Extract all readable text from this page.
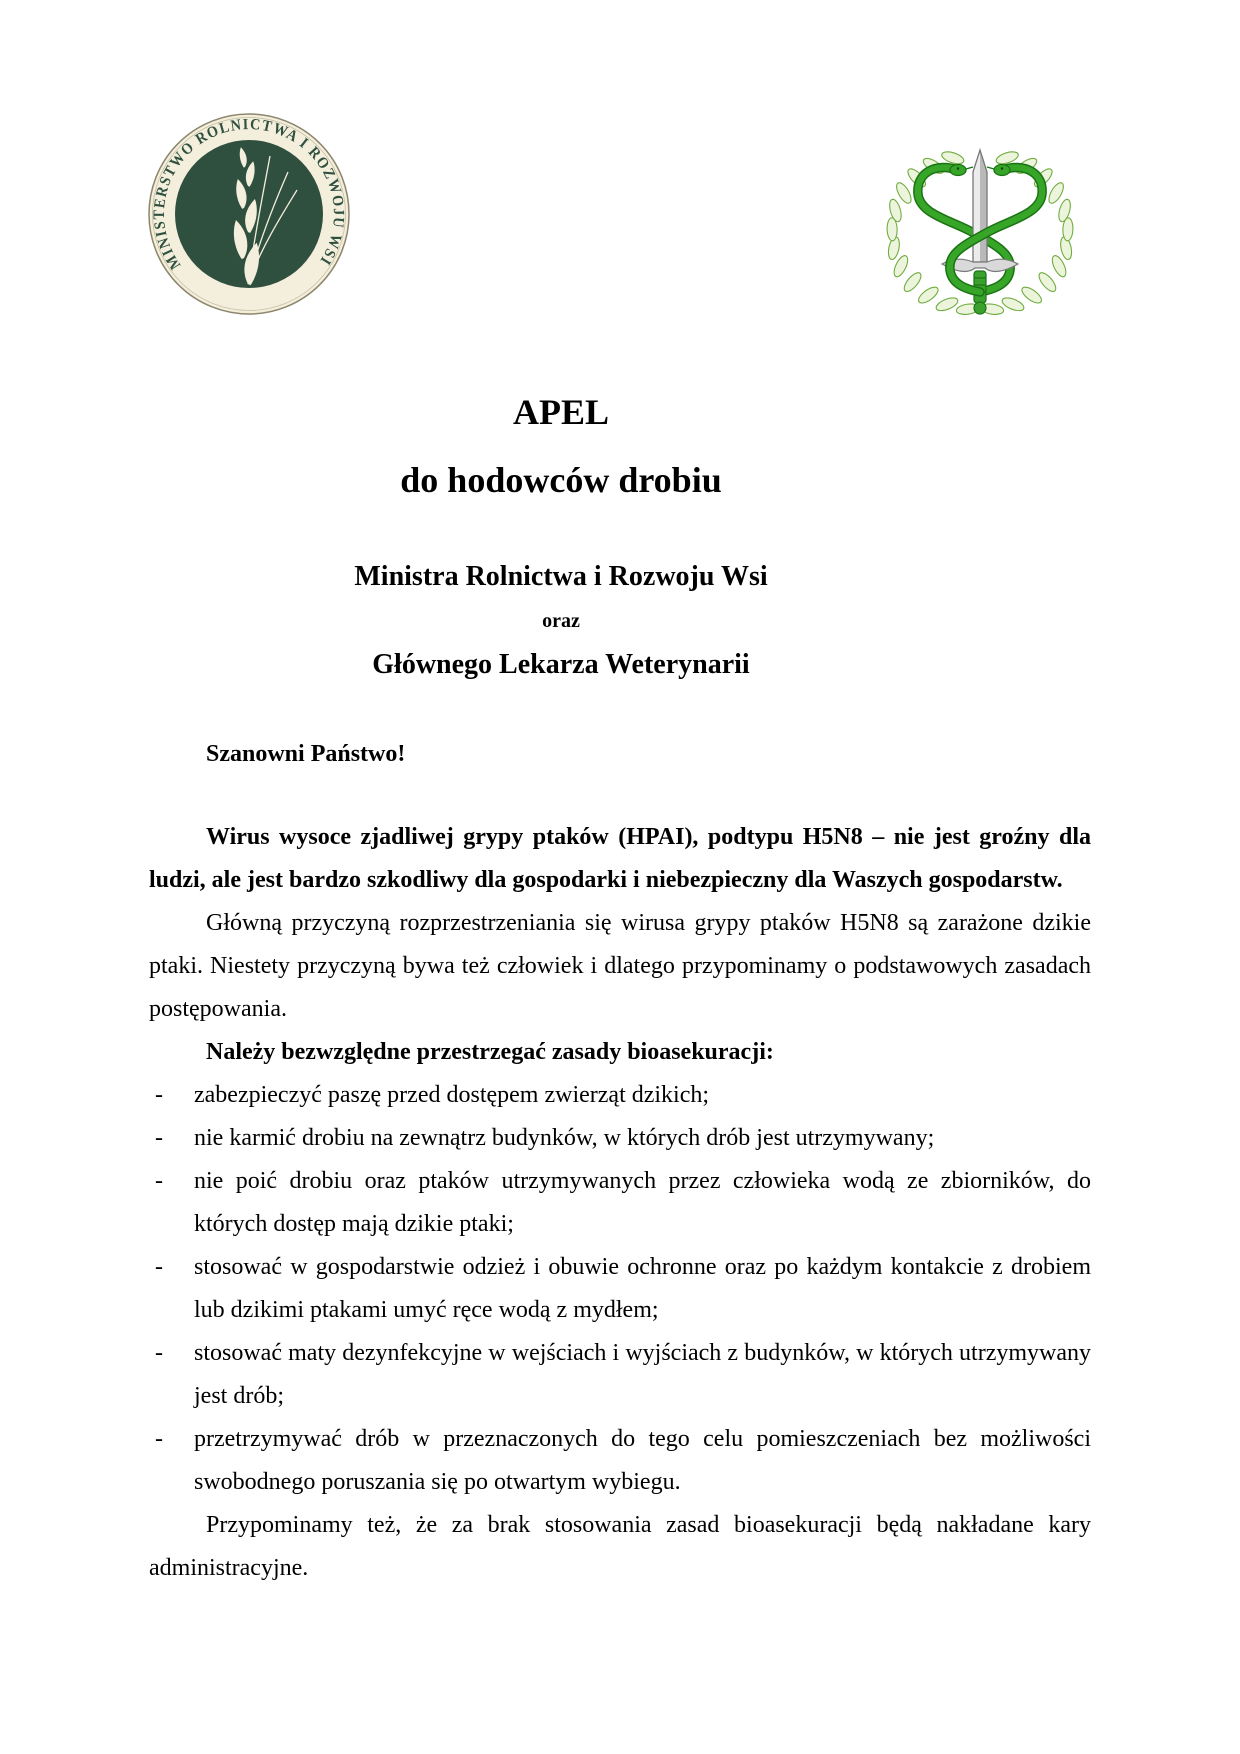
MINISTERSTWO ROLNICTWA I ROZWOJU WSI
APEL
do hodowców drobiu
Ministra Rolnictwa i Rozwoju Wsi
oraz
Głównego Lekarza Weterynarii
Szanowni Państwo!

Wirus wysoce zjadliwej grypy ptaków (HPAI), podtypu H5N8 – nie jest groźny dla ludzi, ale jest bardzo szkodliwy dla gospodarki i niebezpieczny dla Waszych gospodarstw.

Główną przyczyną rozprzestrzeniania się wirusa grypy ptaków H5N8 są zarażone dzikie ptaki. Niestety przyczyną bywa też człowiek i dlatego przypominamy o podstawowych zasadach postępowania.

Należy bezwzględne przestrzegać zasady bioasekuracji:
- zabezpieczyć paszę przed dostępem zwierząt dzikich;
- nie karmić drobiu na zewnątrz budynków, w których drób jest utrzymywany;
- nie poić drobiu oraz ptaków utrzymywanych przez człowieka wodą ze zbiorników, do których dostęp mają dzikie ptaki;
- stosować w gospodarstwie odzież i obuwie ochronne oraz po każdym kontakcie z drobiem lub dzikimi ptakami umyć ręce wodą z mydłem;
- stosować maty dezynfekcyjne w wejściach i wyjściach z budynków, w których utrzymywany jest drób;
- przetrzymywać drób w przeznaczonych do tego celu pomieszczeniach bez możliwości swobodnego poruszania się po otwartym wybiegu.

Przypominamy też, że za brak stosowania zasad bioasekuracji będą nakładane kary administracyjne.
